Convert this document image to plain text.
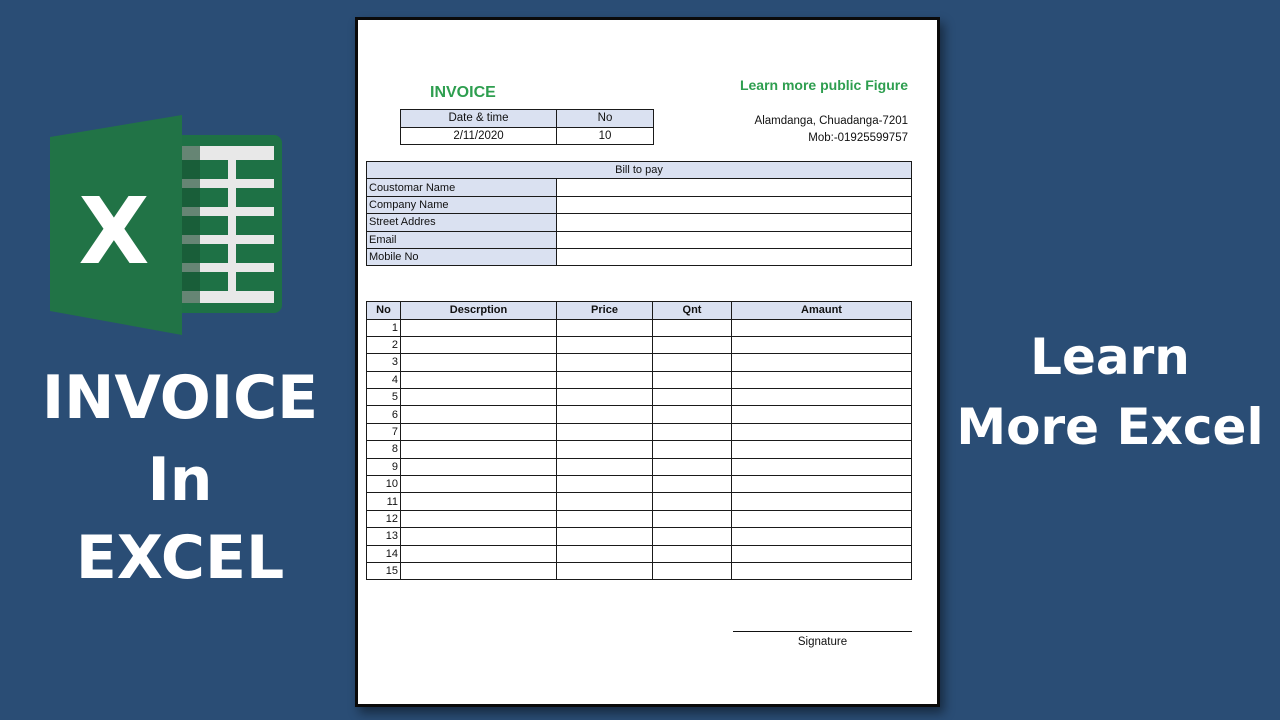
X
INVOICE
In
EXCEL
Learn
More Excel
INVOICE	Learn more public Figure
Alamdanga, Chuadanga-7201
Mob:-01925599757
Date & time	No
2/11/2020	10
Bill to pay	
Coustomar Name	
Company Name	
Street Addres	
Email	
Mobile No	
No	Descrption	Price	Qnt	Amaunt
1				
2				
3				
4				
5				
6				
7				
8				
9				
10				
11				
12				
13				
14				
15				
Signature
